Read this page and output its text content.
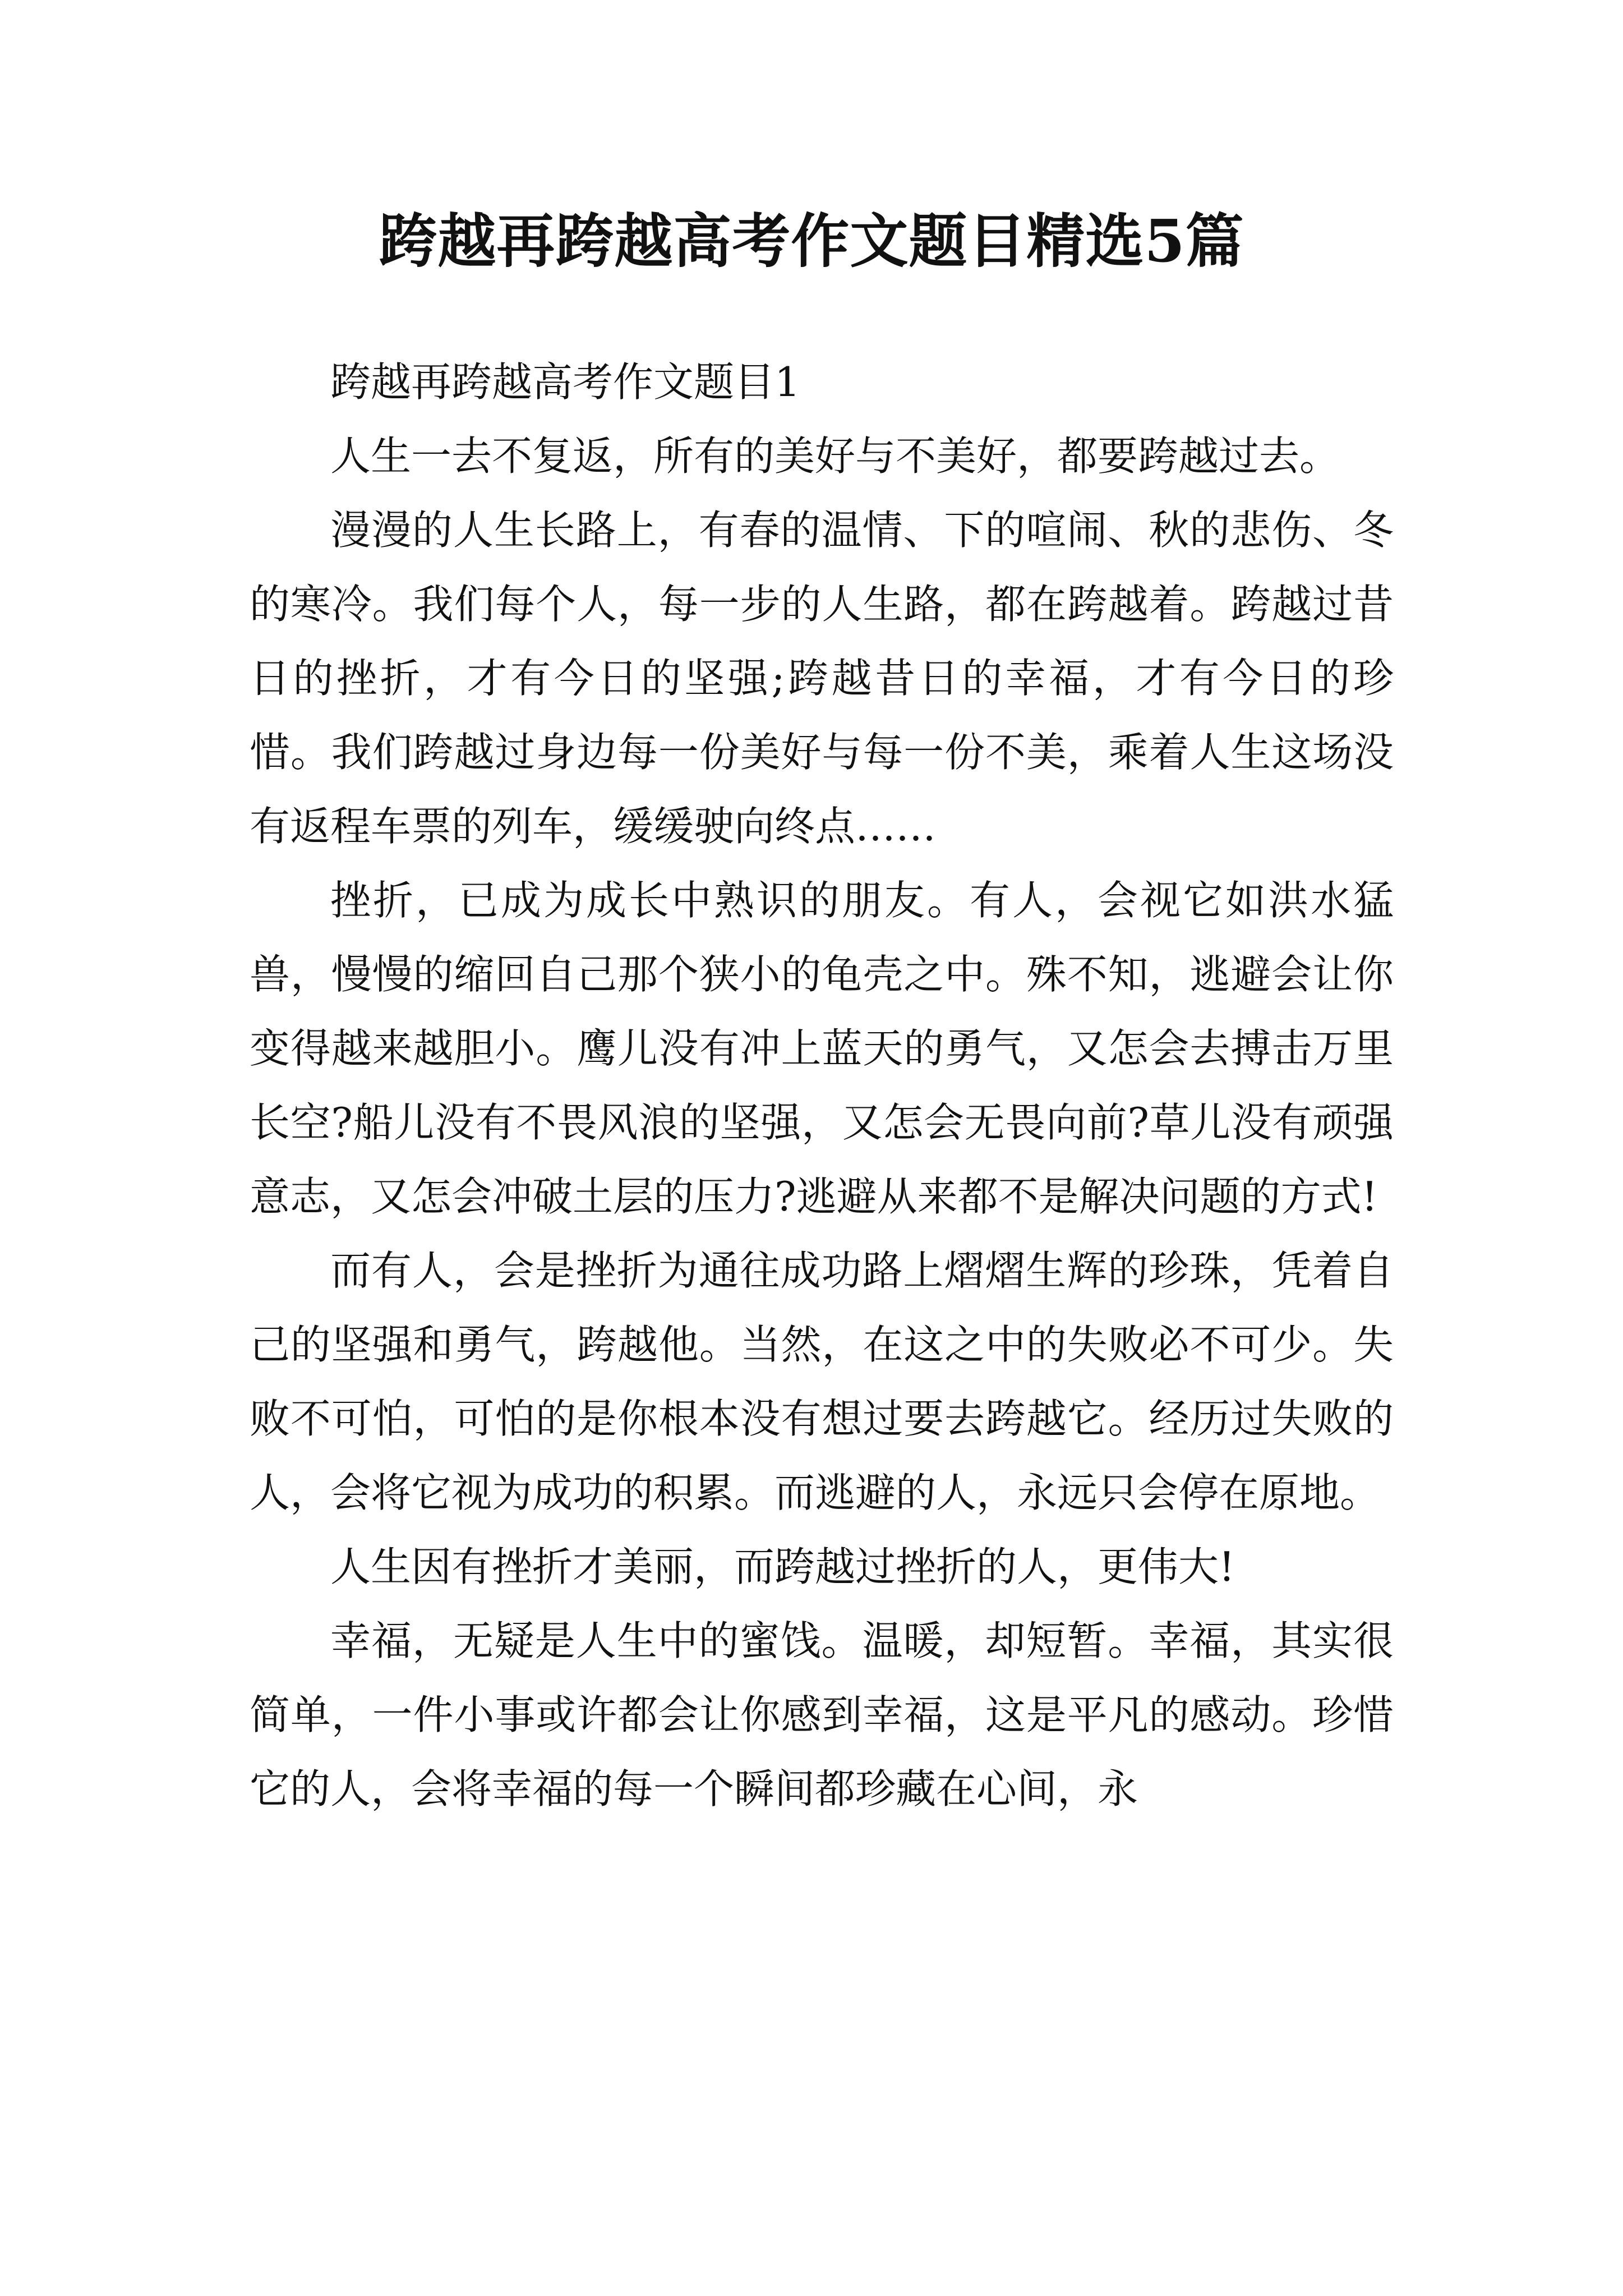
跨越再跨越高考作文题目精选5篇

跨越再跨越高考作文题目1

人生一去不复返，所有的美好与不美好，都要跨越过去。

漫漫的人生长路上，有春的温情、下的喧闹、秋的悲伤、冬的寒冷。我们每个人，每一步的人生路，都在跨越着。跨越过昔日的挫折，才有今日的坚强;跨越昔日的幸福，才有今日的珍惜。我们跨越过身边每一份美好与每一份不美，乘着人生这场没有返程车票的列车，缓缓驶向终点……

挫折，已成为成长中熟识的朋友。有人，会视它如洪水猛兽，慢慢的缩回自己那个狭小的龟壳之中。殊不知，逃避会让你变得越来越胆小。鹰儿没有冲上蓝天的勇气，又怎会去搏击万里长空?船儿没有不畏风浪的坚强，又怎会无畏向前?草儿没有顽强意志，又怎会冲破土层的压力?逃避从来都不是解决问题的方式!

而有人，会是挫折为通往成功路上熠熠生辉的珍珠，凭着自己的坚强和勇气，跨越他。当然，在这之中的失败必不可少。失败不可怕，可怕的是你根本没有想过要去跨越它。经历过失败的人，会将它视为成功的积累。而逃避的人，永远只会停在原地。

人生因有挫折才美丽，而跨越过挫折的人，更伟大!

幸福，无疑是人生中的蜜饯。温暖，却短暂。幸福，其实很简单，一件小事或许都会让你感到幸福，这是平凡的感动。珍惜它的人，会将幸福的每一个瞬间都珍藏在心间，永
